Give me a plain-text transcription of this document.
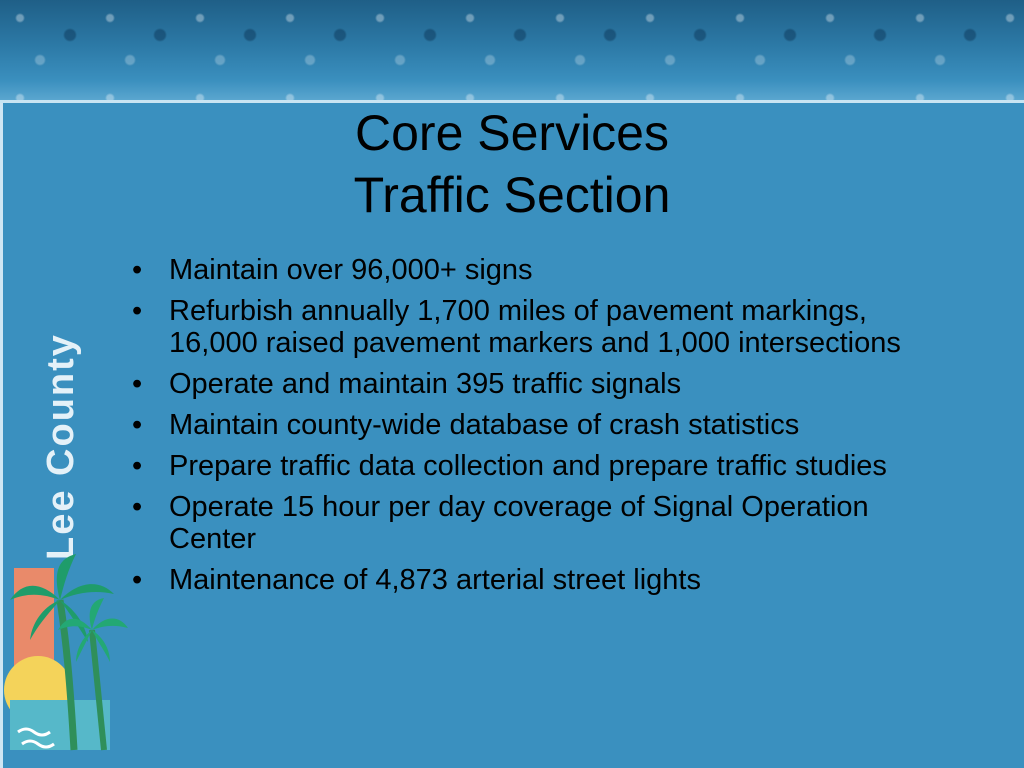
Core Services
Traffic Section
• Maintain over 96,000+ signs
• Refurbish annually 1,700 miles of pavement markings, 16,000 raised pavement markers and 1,000 intersections
• Operate and maintain 395 traffic signals
• Maintain county-wide database of crash statistics
• Prepare traffic data collection and prepare traffic studies
• Operate 15 hour per day coverage of Signal Operation Center
• Maintenance of 4,873 arterial street lights
Lee County
